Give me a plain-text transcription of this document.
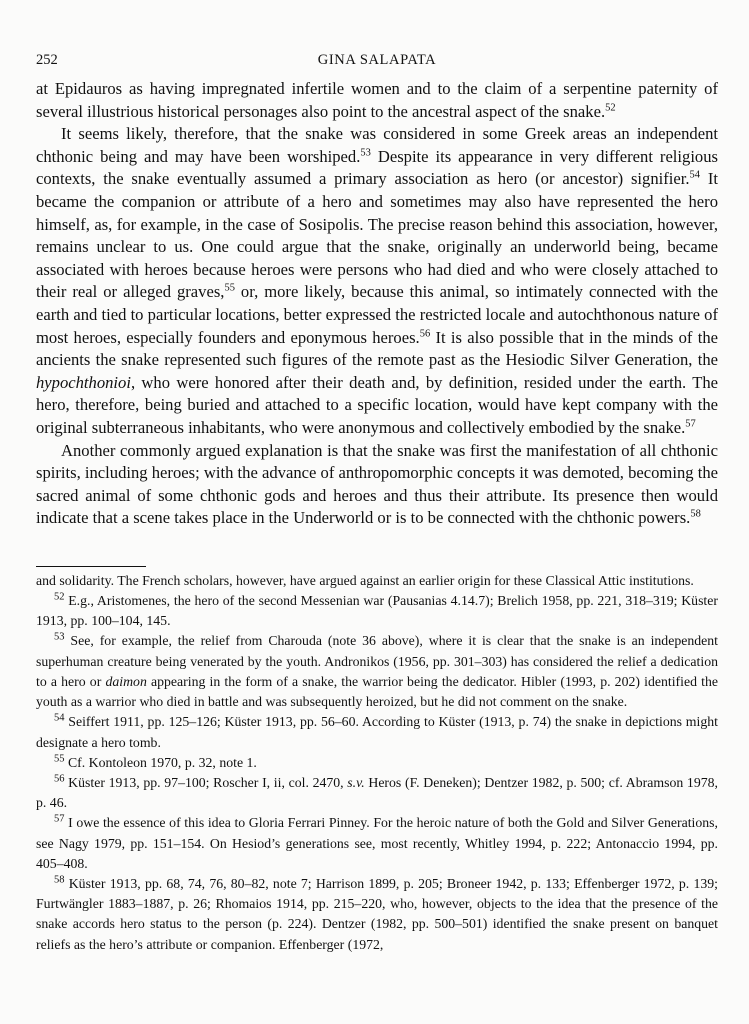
252	GINA SALAPATA

at Epidauros as having impregnated infertile women and to the claim of a serpentine paternity of several illustrious historical personages also point to the ancestral aspect of the snake.$^{52}$

It seems likely, therefore, that the snake was considered in some Greek areas an independent chthonic being and may have been worshiped.$^{53}$ Despite its appearance in very different religious contexts, the snake eventually assumed a primary association as hero (or ancestor) signifier.$^{54}$ It became the companion or attribute of a hero and sometimes may also have represented the hero himself, as, for example, in the case of Sosipolis. The precise reason behind this association, however, remains unclear to us. One could argue that the snake, originally an underworld being, became associated with heroes because heroes were persons who had died and who were closely attached to their real or alleged graves,$^{55}$ or, more likely, because this animal, so intimately connected with the earth and tied to particular locations, better expressed the restricted locale and autochthonous nature of most heroes, especially founders and eponymous heroes.$^{56}$ It is also possible that in the minds of the ancients the snake represented such figures of the remote past as the Hesiodic Silver Generation, the hypochthonioi, who were honored after their death and, by definition, resided under the earth. The hero, therefore, being buried and attached to a specific location, would have kept company with the original subterraneous inhabitants, who were anonymous and collectively embodied by the snake.$^{57}$

Another commonly argued explanation is that the snake was first the manifestation of all chthonic spirits, including heroes; with the advance of anthropomorphic concepts it was demoted, becoming the sacred animal of some chthonic gods and heroes and thus their attribute. Its presence then would indicate that a scene takes place in the Underworld or is to be connected with the chthonic powers.$^{58}$

and solidarity. The French scholars, however, have argued against an earlier origin for these Classical Attic institutions.

$^{52}$ E.g., Aristomenes, the hero of the second Messenian war (Pausanias 4.14.7); Brelich 1958, pp. 221, 318–319; Küster 1913, pp. 100–104, 145.

$^{53}$ See, for example, the relief from Charouda (note 36 above), where it is clear that the snake is an independent superhuman creature being venerated by the youth. Andronikos (1956, pp. 301–303) has considered the relief a dedication to a hero or daimon appearing in the form of a snake, the warrior being the dedicator. Hibler (1993, p. 202) identified the youth as a warrior who died in battle and was subsequently heroized, but he did not comment on the snake.

$^{54}$ Seiffert 1911, pp. 125–126; Küster 1913, pp. 56–60. According to Küster (1913, p. 74) the snake in depictions might designate a hero tomb.

$^{55}$ Cf. Kontoleon 1970, p. 32, note 1.

$^{56}$ Küster 1913, pp. 97–100; Roscher I, ii, col. 2470, s.v. Heros (F. Deneken); Dentzer 1982, p. 500; cf. Abramson 1978, p. 46.

$^{57}$ I owe the essence of this idea to Gloria Ferrari Pinney. For the heroic nature of both the Gold and Silver Generations, see Nagy 1979, pp. 151–154. On Hesiod’s generations see, most recently, Whitley 1994, p. 222; Antonaccio 1994, pp. 405–408.

$^{58}$ Küster 1913, pp. 68, 74, 76, 80–82, note 7; Harrison 1899, p. 205; Broneer 1942, p. 133; Effenberger 1972, p. 139; Furtwängler 1883–1887, p. 26; Rhomaios 1914, pp. 215–220, who, however, objects to the idea that the presence of the snake accords hero status to the person (p. 224). Dentzer (1982, pp. 500–501) identified the snake present on banquet reliefs as the hero’s attribute or companion. Effenberger (1972,
